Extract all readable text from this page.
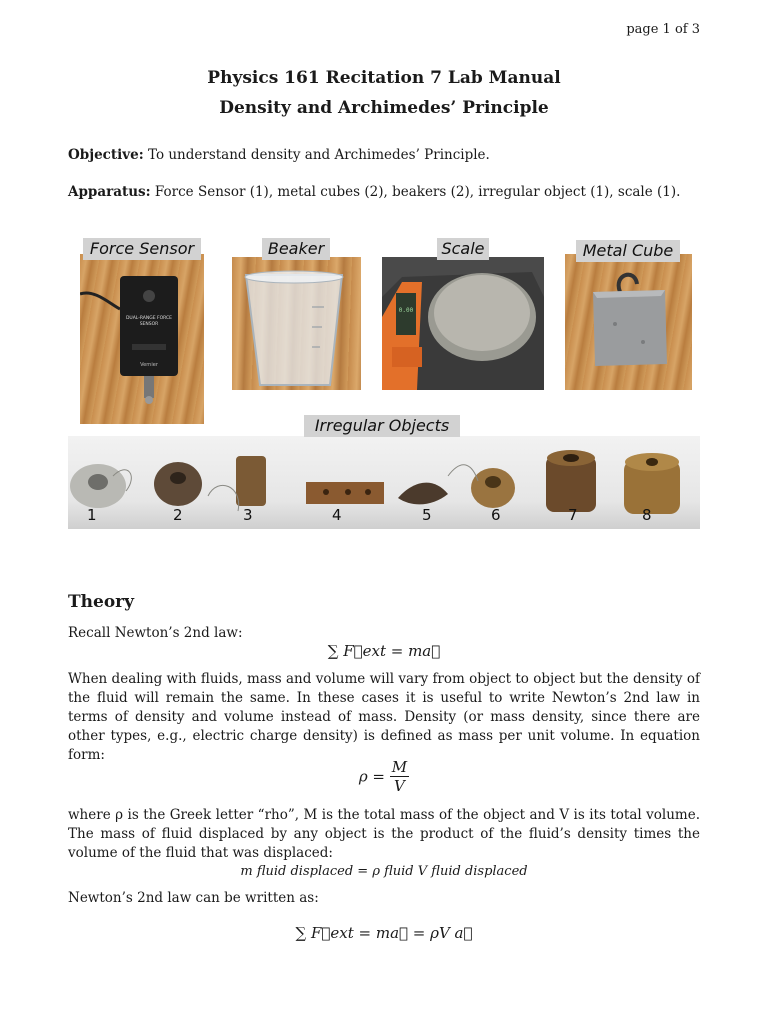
page 1 of 3
Physics 161 Recitation 7 Lab Manual
Density and Archimedes’ Principle
Objective: To understand density and Archimedes’ Principle.
Apparatus: Force Sensor (1), metal cubes (2), beakers (2), irregular object (1), scale (1).
DUAL-RANGE FORCE SENSOR
Vernier
Force Sensor	Beaker
0.00
Scale	Metal Cube
1	2	3	4	5	6	7	8
Irregular Objects
Theory
Recall Newton’s 2nd law:
∑ F⃗ext = ma⃗
When dealing with fluids, mass and volume will vary from object to object but the density of the fluid will remain the same. In these cases it is useful to write Newton’s 2nd law in terms of density and volume instead of mass. Density (or mass density, since there are other types, e.g., electric charge density) is defined as mass per unit volume. In equation form:
$\rho = \frac{M}{V}$
where ρ is the Greek letter “rho”, M is the total mass of the object and V is its total volume. The mass of fluid displaced by any object is the product of the fluid’s density times the volume of the fluid that was displaced:
m fluid displaced = ρ fluid V fluid displaced
Newton’s 2nd law can be written as:
∑ F⃗ext = ma⃗ = ρV a⃗
